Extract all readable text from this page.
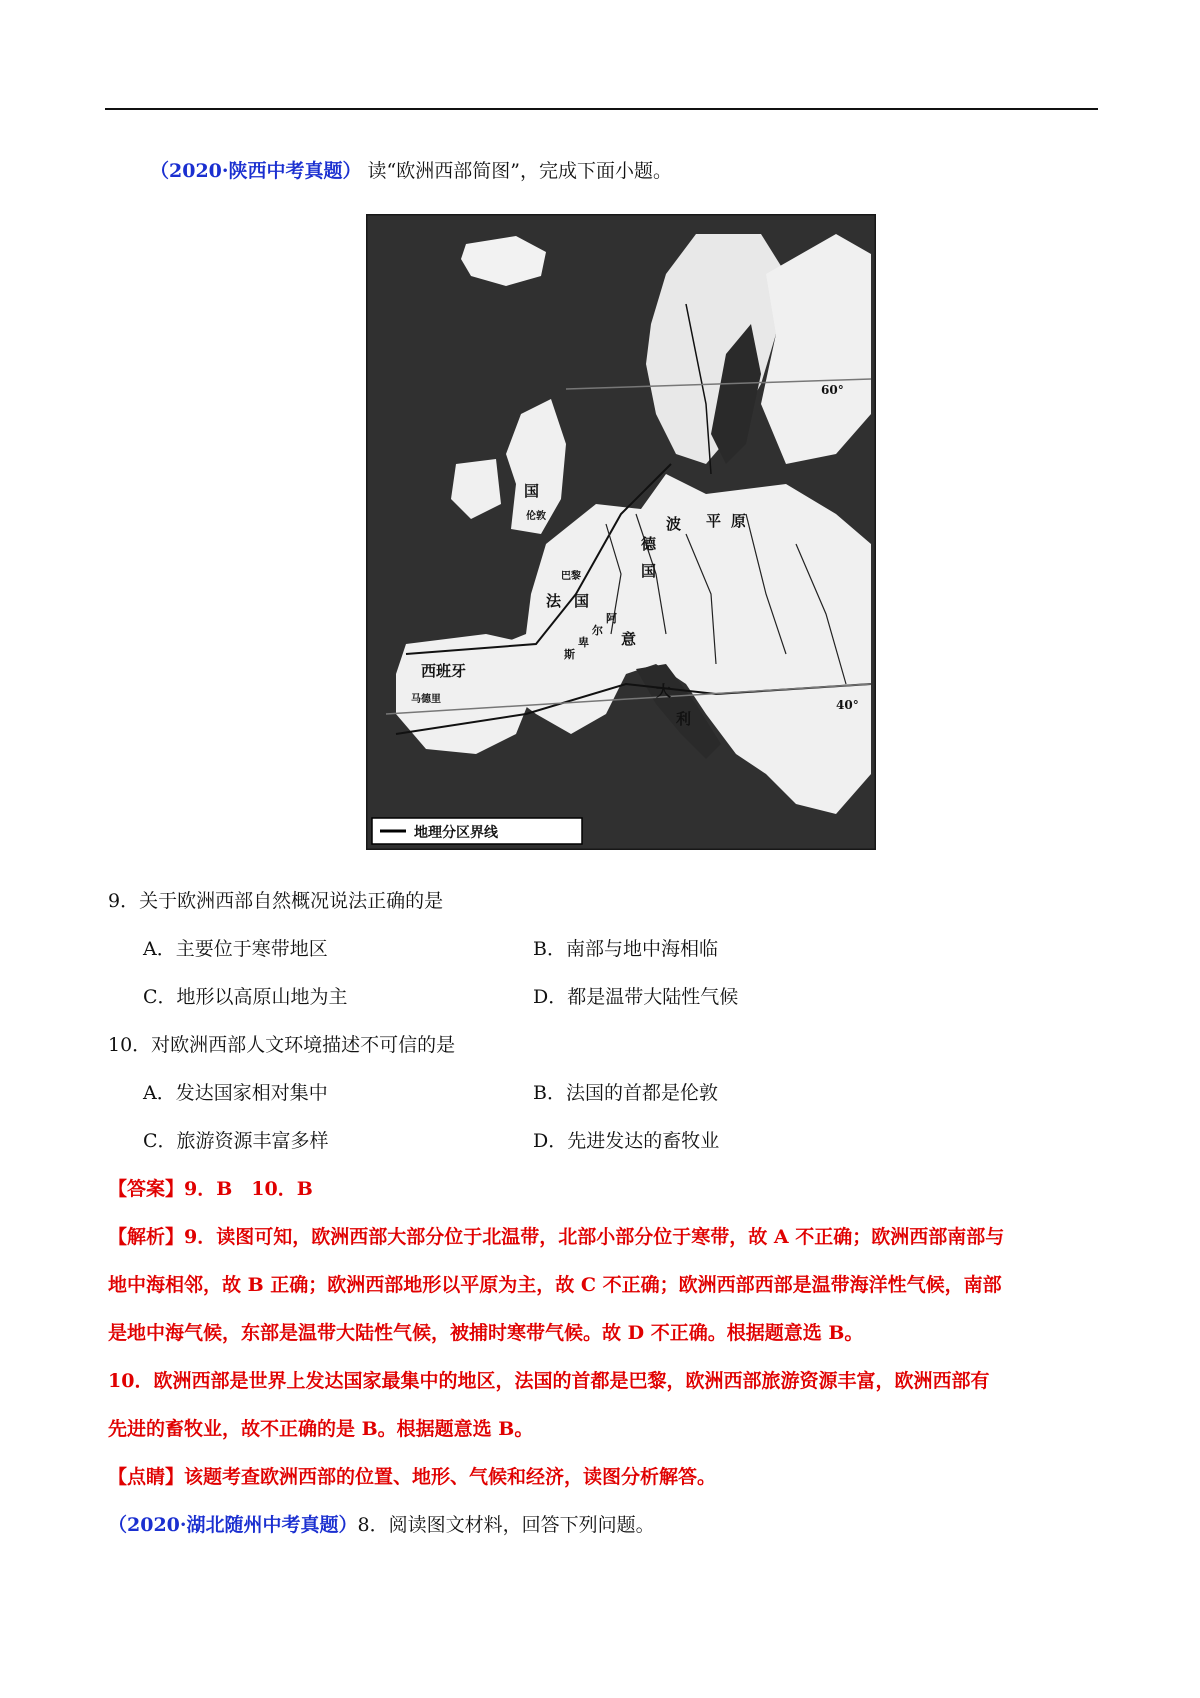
（2020·陕西中考真题） 读“欧洲西部简图”，完成下面小题。
国
伦敦
巴黎
法 国
波
德
国
平 原
西班牙
马德里
意
大
利
阿
尔
卑
斯
60°
40°
地理分区界线
9．关于欧洲西部自然概况说法正确的是
A．主要位于寒带地区	B．南部与地中海相临
C．地形以高原山地为主	D．都是温带大陆性气候
10．对欧洲西部人文环境描述不可信的是
A．发达国家相对集中	B．法国的首都是伦敦
C．旅游资源丰富多样	D．先进发达的畜牧业
【答案】9．B　10．B
【解析】9．读图可知，欧洲西部大部分位于北温带，北部小部分位于寒带，故 A 不正确；欧洲西部南部与
地中海相邻，故 B 正确；欧洲西部地形以平原为主，故 C 不正确；欧洲西部西部是温带海洋性气候，南部
是地中海气候，东部是温带大陆性气候，被捕时寒带气候。故 D 不正确。根据题意选 B。
10．欧洲西部是世界上发达国家最集中的地区，法国的首都是巴黎，欧洲西部旅游资源丰富，欧洲西部有
先进的畜牧业，故不正确的是 B。根据题意选 B。
【点睛】该题考查欧洲西部的位置、地形、气候和经济，读图分析解答。
（2020·湖北随州中考真题）8．阅读图文材料，回答下列问题。
